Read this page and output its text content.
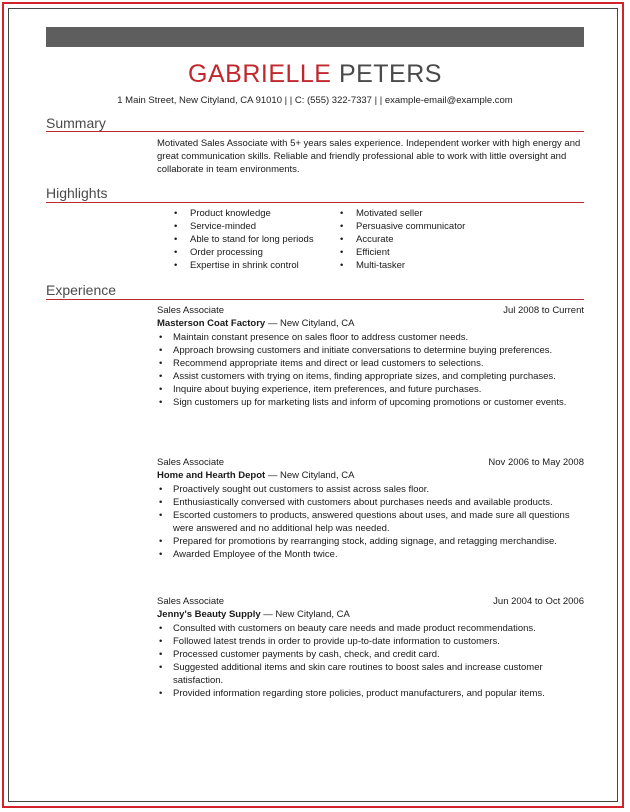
GABRIELLE PETERS
1 Main Street, New Cityland, CA 91010 | | C: (555) 322-7337 | | example-email@example.com
Summary
Motivated Sales Associate with 5+ years sales experience. Independent worker with high energy and great communication skills. Reliable and friendly professional able to work with little oversight and collaborate in team environments.
Highlights
• Product knowledge
• Service-minded
• Able to stand for long periods
• Order processing
• Expertise in shrink control
• Motivated seller
• Persuasive communicator
• Accurate
• Efficient
• Multi-tasker
Experience
Sales Associate	Jul 2008 to Current
Masterson Coat Factory — New Cityland, CA
• Maintain constant presence on sales floor to address customer needs.
• Approach browsing customers and initiate conversations to determine buying preferences.
• Recommend appropriate items and direct or lead customers to selections.
• Assist customers with trying on items, finding appropriate sizes, and completing purchases.
• Inquire about buying experience, item preferences, and future purchases.
• Sign customers up for marketing lists and inform of upcoming promotions or customer events.
Sales Associate	Nov 2006 to May 2008
Home and Hearth Depot — New Cityland, CA
• Proactively sought out customers to assist across sales floor.
• Enthusiastically conversed with customers about purchases needs and available products.
• Escorted customers to products, answered questions about uses, and made sure all questions were answered and no additional help was needed.
• Prepared for promotions by rearranging stock, adding signage, and retagging merchandise.
• Awarded Employee of the Month twice.
Sales Associate	Jun 2004 to Oct 2006
Jenny's Beauty Supply — New Cityland, CA
• Consulted with customers on beauty care needs and made product recommendations.
• Followed latest trends in order to provide up-to-date information to customers.
• Processed customer payments by cash, check, and credit card.
• Suggested additional items and skin care routines to boost sales and increase customer satisfaction.
• Provided information regarding store policies, product manufacturers, and popular items.
